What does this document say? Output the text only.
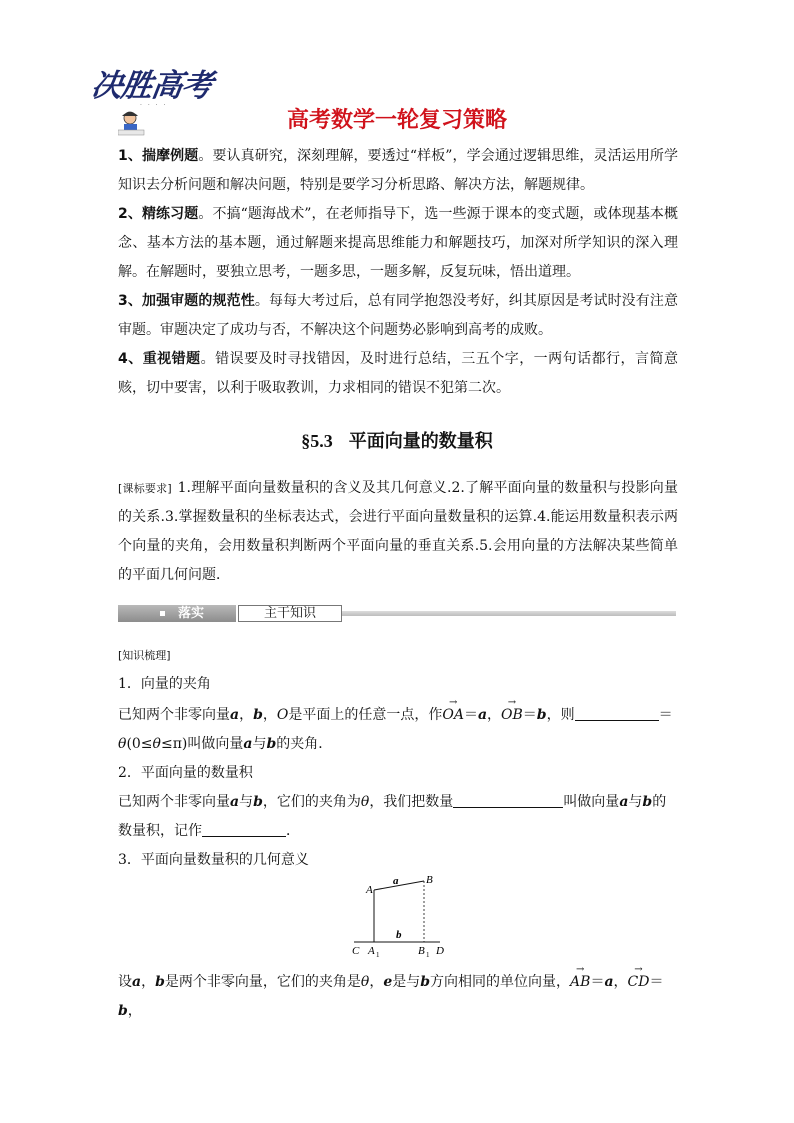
决胜高考
· · · ·
高考数学一轮复习策略

1、揣摩例题。要认真研究，深刻理解，要透过“样板”，学会通过逻辑思维，灵活运用所学知识去分析问题和解决问题，特别是要学习分析思路、解决方法，解题规律。

2、精练习题。不搞“题海战术”，在老师指导下，选一些源于课本的变式题，或体现基本概念、基本方法的基本题，通过解题来提高思维能力和解题技巧，加深对所学知识的深入理解。在解题时，要独立思考，一题多思，一题多解，反复玩味，悟出道理。

3、加强审题的规范性。每每大考过后，总有同学抱怨没考好，纠其原因是考试时没有注意审题。审题决定了成功与否，不解决这个问题势必影响到高考的成败。

4、重视错题。错误要及时寻找错因，及时进行总结，三五个字，一两句话都行，言简意赅，切中要害，以利于吸取教训，力求相同的错误不犯第二次。

§5.3 平面向量的数量积
[课标要求] 1.理解平面向量数量积的含义及其几何意义.2.了解平面向量的数量积与投影向量的关系.3.掌握数量积的坐标表达式，会进行平面向量数量积的运算.4.能运用数量积表示两个向量的夹角，会用数量积判断两个平面向量的垂直关系.5.会用向量的方法解决某些简单的平面几何问题．
落实	主干知识

[知识梳理]

1．向量的夹角

已知两个非零向量a，b，O是平面上的任意一点，作→ OA＝a，→ OB＝b，则	＝

θ(0≤θ≤π)叫做向量a与b的夹角．

2．平面向量的数量积

已知两个非零向量a与b，它们的夹角为θ，我们把数量	叫做向量a与b的

数量积，记作	．

3．平面向量数量积的几何意义

A
B
a
b
C A 1	B 1 D

设a，b是两个非零向量，它们的夹角是θ，e是与b方向相同的单位向量，→ AB＝a，→ CD＝b，
